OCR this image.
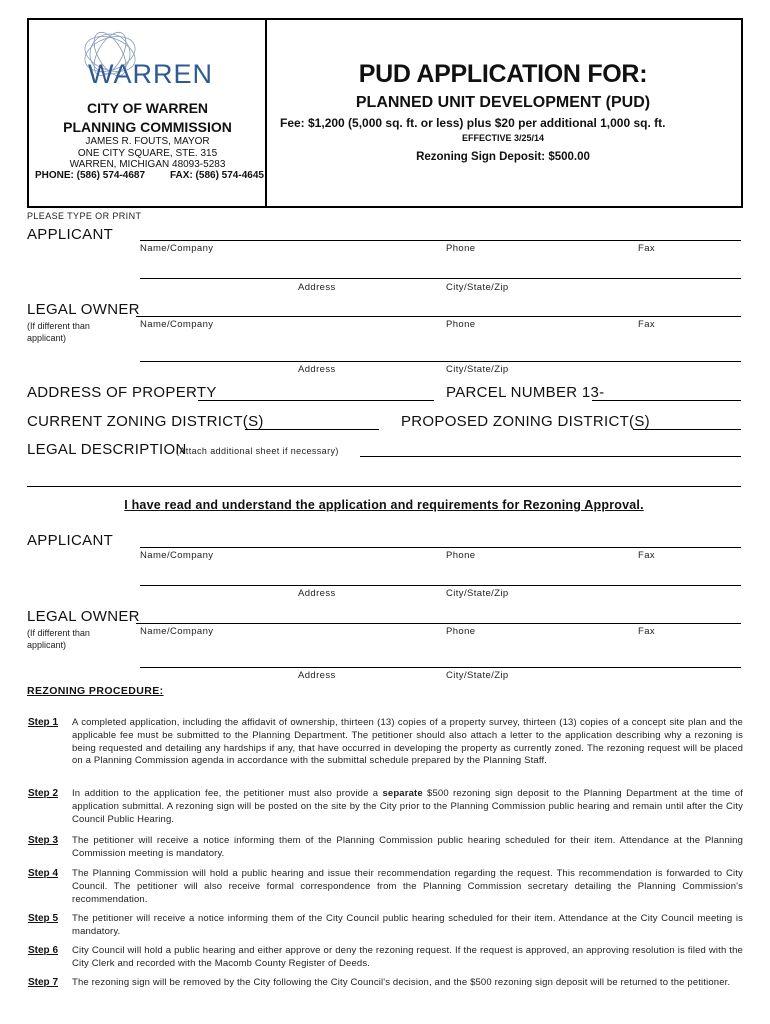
WARREN
CITY OF WARREN
PLANNING COMMISSION
JAMES R. FOUTS, MAYOR
ONE CITY SQUARE, STE. 315
WARREN, MICHIGAN 48093-5283
PHONE: (586) 574-4687 FAX: (586) 574-4645
PUD APPLICATION FOR:
PLANNED UNIT DEVELOPMENT (PUD)
Fee: $1,200 (5,000 sq. ft. or less) plus $20 per additional 1,000 sq. ft.
EFFECTIVE 3/25/14
Rezoning Sign Deposit: $500.00
PLEASE TYPE OR PRINT
APPLICANT
Name/Company	Phone	Fax
Address	City/State/Zip
LEGAL OWNER
(If different than applicant)
Name/Company	Phone	Fax
Address	City/State/Zip
ADDRESS OF PROPERTY	PARCEL NUMBER 13-
CURRENT ZONING DISTRICT(S)	PROPOSED ZONING DISTRICT(S)
LEGAL DESCRIPTION
(Attach additional sheet if necessary)
I have read and understand the application and requirements for Rezoning Approval.
APPLICANT
Name/Company	Phone	Fax
Address	City/State/Zip
LEGAL OWNER
(If different than applicant)
Name/Company	Phone	Fax
Address	City/State/Zip
REZONING PROCEDURE:
Step 1 A completed application, including the affidavit of ownership, thirteen (13) copies of a property survey, thirteen (13) copies of a concept site plan and the applicable fee must be submitted to the Planning Department. The petitioner should also attach a letter to the application describing why a rezoning is being requested and detailing any hardships if any, that have occurred in developing the property as currently zoned. The rezoning request will be placed on a Planning Commission agenda in accordance with the submittal schedule prepared by the Planning Staff.
Step 2 In addition to the application fee, the petitioner must also provide a separate $500 rezoning sign deposit to the Planning Department at the time of application submittal. A rezoning sign will be posted on the site by the City prior to the Planning Commission public hearing and remain until after the City Council Public Hearing.
Step 3 The petitioner will receive a notice informing them of the Planning Commission public hearing scheduled for their item. Attendance at the Planning Commission meeting is mandatory.
Step 4 The Planning Commission will hold a public hearing and issue their recommendation regarding the request. This recommendation is forwarded to City Council. The petitioner will also receive formal correspondence from the Planning Commission secretary detailing the Planning Commission's recommendation.
Step 5 The petitioner will receive a notice informing them of the City Council public hearing scheduled for their item. Attendance at the City Council meeting is mandatory.
Step 6 City Council will hold a public hearing and either approve or deny the rezoning request. If the request is approved, an approving resolution is filed with the City Clerk and recorded with the Macomb County Register of Deeds.
Step 7 The rezoning sign will be removed by the City following the City Council's decision, and the $500 rezoning sign deposit will be returned to the petitioner.
